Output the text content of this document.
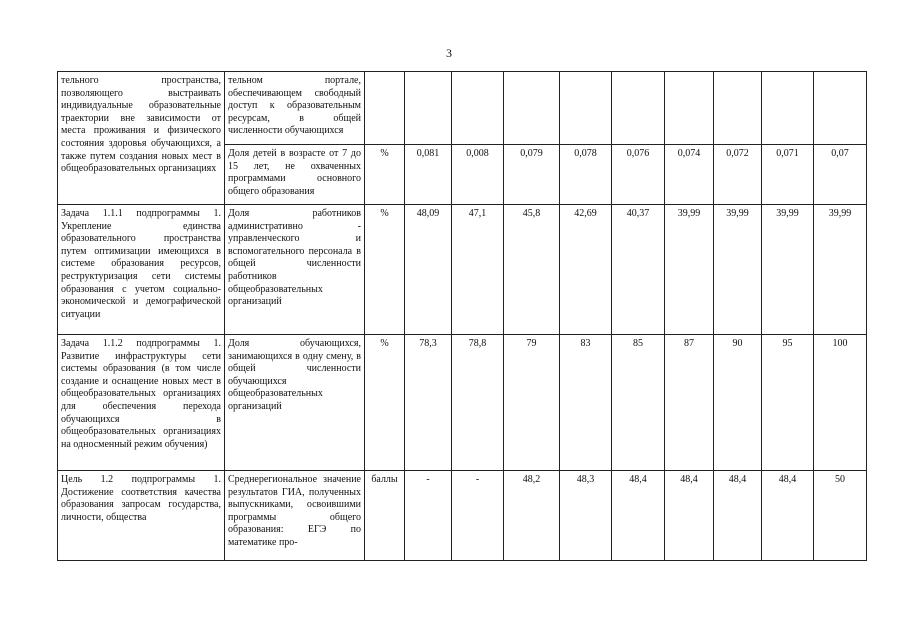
3
тельного пространства, позволяющего выстраивать индивидуальные образовательные траектории вне зависимости от места проживания и физического состояния здоровья обучающихся, а также путем создания новых мест в общеобразовательных организациях	тельном портале, обеспечивающем свободный доступ к образовательным ресурсам, в общей численности обучающихся										
	Доля детей в возрасте от 7 до 15 лет, не охваченных программами основного общего образования	%	0,081	0,008	0,079	0,078	0,076	0,074	0,072	0,071	0,07
Задача 1.1.1 подпрограммы 1. Укрепление единства образовательного пространства путем оптимизации имеющихся в системе образования ресурсов, реструктуризация сети системы образования с учетом социально-экономической и демографической ситуации	Доля работников административно - управленческого и вспомогательного персонала в общей численности работников общеобразовательных организаций	%	48,09	47,1	45,8	42,69	40,37	39,99	39,99	39,99	39,99
Задача 1.1.2 подпрограммы 1. Развитие инфраструктуры сети системы образования (в том числе создание и оснащение новых мест в общеобразовательных организациях для обеспечения перехода обучающихся в общеобразовательных организациях на односменный режим обучения)	Доля обучающихся, занимающихся в одну смену, в общей численности обучающихся общеобразовательных организаций	%	78,3	78,8	79	83	85	87	90	95	100
Цель 1.2 подпрограммы 1. Достижение соответствия качества образования запросам государства, личности, общества	Среднерегиональное значение результатов ГИА, полученных выпускниками, освоившими программы общего образования: ЕГЭ по математике про-	баллы	-	-	48,2	48,3	48,4	48,4	48,4	48,4	50
